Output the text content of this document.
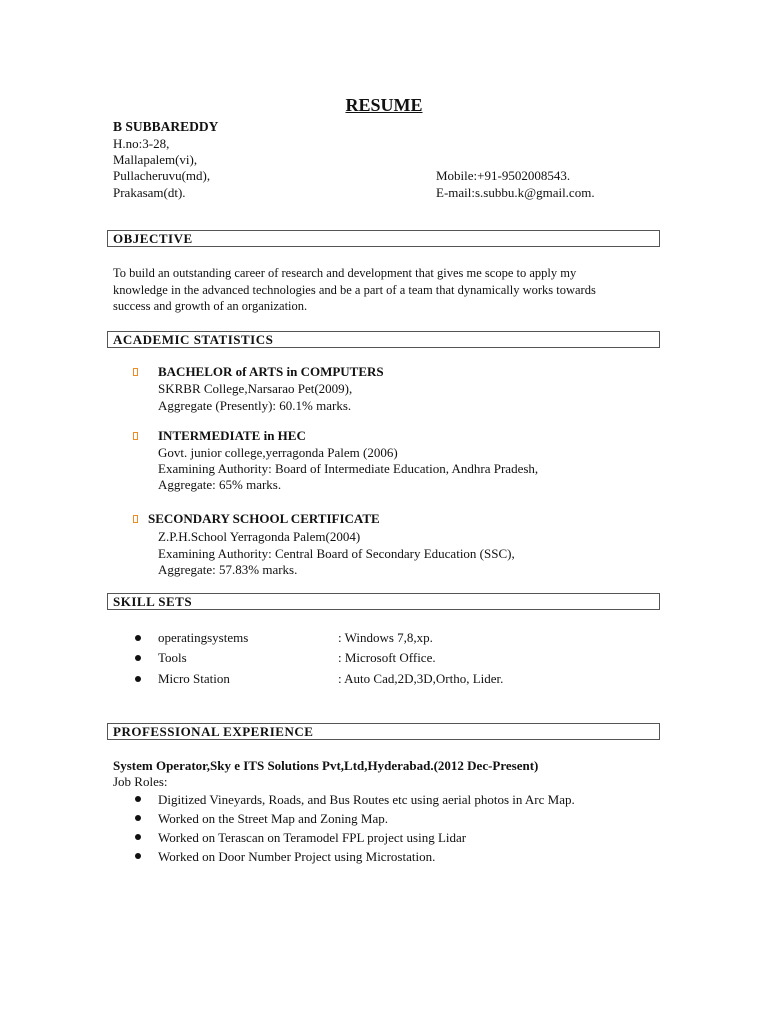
RESUME
B SUBBAREDDY
H.no:3-28,
Mallapalem(vi),
Pullacheruvu(md),
Prakasam(dt).
Mobile:+91-9502008543.
E-mail:s.subbu.k@gmail.com.
OBJECTIVE
To build an outstanding career of research and development that gives me scope to apply my
knowledge in the advanced technologies and be a part of a team that dynamically works towards
success and growth of an organization.
ACADEMIC STATISTICS
BACHELOR of ARTS in COMPUTERS
SKRBR College,Narsarao Pet(2009),
Aggregate (Presently): 60.1% marks.
INTERMEDIATE in HEC
Govt. junior college,yerragonda Palem (2006)
Examining Authority: Board of Intermediate Education, Andhra Pradesh,
Aggregate: 65% marks.
SECONDARY SCHOOL CERTIFICATE
Z.P.H.School Yerragonda Palem(2004)
Examining Authority: Central Board of Secondary Education (SSC),
Aggregate: 57.83% marks.
SKILL SETS
operatingsystems	: Windows 7,8,xp.
Tools	: Microsoft Office.
Micro Station	: Auto Cad,2D,3D,Ortho, Lider.
PROFESSIONAL EXPERIENCE
System Operator,Sky e ITS Solutions Pvt,Ltd,Hyderabad.(2012 Dec-Present)
Job Roles:
Digitized Vineyards, Roads, and Bus Routes etc using aerial photos in Arc Map.
Worked on the Street Map and Zoning Map.
Worked on Terascan on Teramodel FPL project using Lidar
Worked on Door Number Project using Microstation.
